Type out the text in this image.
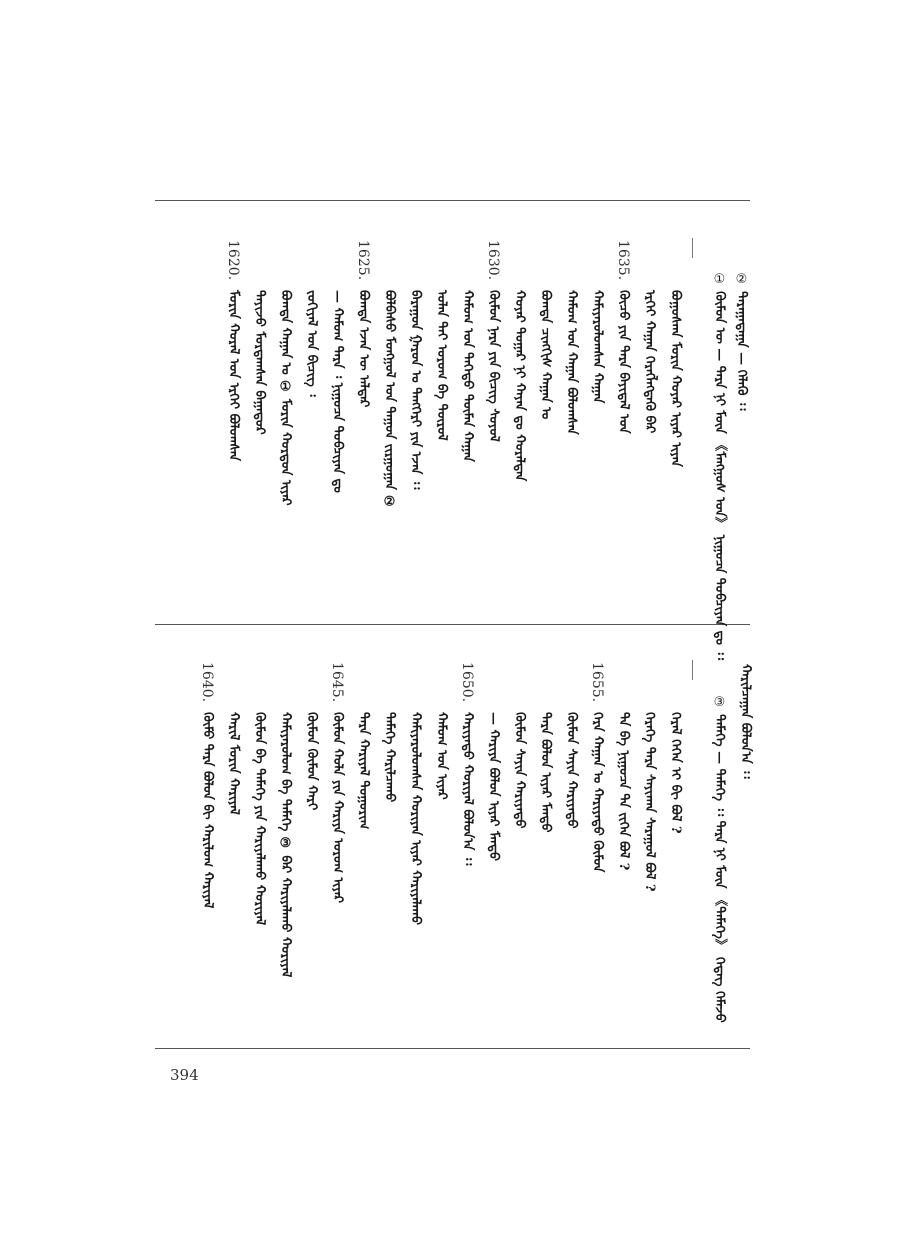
② ᠳᠠᠷᠠᠭᠠᠳᠠᠭᠠ — ᠬᠡᠯᠡᠬᠦ ᠄᠄
① ᠬᠦᠮᠦᠨ ᠦ — ᠲᠡᠷᠡ ᠨᠢ ᠮᠦᠨ 《ᠮᠠᠩᠭᠤᠰ ᠤᠨ》 ᠨᠢᠭᠤᠴᠠ ᠲᠣᠪᠴᠢᠶᠠᠨ ᠳᠤ ᠄᠄
1635.
1630.
1625.
1620.
ᠪᠣᠭᠣᠰᠬᠠ ᠮᠣᠷᠢᠨ ᠬᠣᠶᠠᠷ ᠢᠶᠠᠷ ᠢᠶᠠᠨ
ᠡᠷᠬᠡᠢ ᠬᠠᠭᠠᠨ ᠬᠡᠷᠡᠭᠯᠡᠭᠳᠡᠬᠦ ᠪᠠᠷ
ᠬᠦᠴᠦ ᠶᠢᠨ ᠲᠡᠷᠡ ᠪᠠᠶᠢᠳᠠᠯ ᠤᠨ
ᠬᠠᠮᠢᠶᠠᠷᠤᠯᠤᠭᠰᠠᠨ ᠬᠠᠭᠠᠨ
ᠬᠠᠮᠤᠭ ᠤᠨ ᠬᠠᠭᠠᠨ ᠪᠣᠯᠤᠭᠰᠠᠨ
ᠪᠣᠭᠳᠠ ᠴᠢᠩᠭᠢᠰ ᠬᠠᠭᠠᠨ ᠤ
ᠬᠣᠶᠠᠷ ᠳᠤᠭᠠᠷ ᠨᠢ ᠬᠠᠶᠠᠨ ᠳᠤ ᠬᠤᠷᠠᠯᠳᠠᠨ
ᠬᠦᠮᠦᠨ ᠨᠡᠷᠡ ᠶᠢᠨ ᠪᠢᠴᠢᠭ ᠰᠣᠶᠣᠯ
ᠬᠠᠮᠤᠭ ᠤᠨ ᠳᠡᠭᠡᠳᠦ ᠲᠦᠮᠡᠨ ᠬᠠᠭᠠᠨ
ᠣᠯᠠᠨ ᠲᠠᠶ ᠤᠷᠤᠭ ᠪᠠ ᠲᠥᠷᠥᠯ
ᠪᠠᠷᠠᠭᠤᠨ ᠭᠠᠷᠤᠨ ᠤ ᠲᠡᠩᠭᠡᠷᠢ ᠶᠢᠨ ᠡᠵᠡᠨ ᠄᠄
ᠪᠣᠯᠪᠠᠰᠤ ᠮᠣᠩᠭᠣᠯ ᠤᠨ ᠳᠠᠭᠤᠨ ᠵᠢᠷᠭᠤᠭᠠᠨ ②
ᠪᠣᠭᠳᠠ ᠡᠵᠡᠨ ᠦ ᠠᠯᠳᠠᠷ
— ᠬᠠᠮᠤᠭ ᠲᠡᠷᠡ ᠄ ᠨᠢᠭᠤᠴᠠ ᠲᠣᠪᠴᠢᠶᠠᠨ ᠳᠤ
ᠵᠣᠬᠢᠶᠠᠯ ᠤᠨ ᠪᠢᠴᠢᠭ ᠄
ᠪᠣᠭᠳᠠ ᠬᠠᠭᠠᠨ ᠤ ① ᠮᠣᠷᠢᠨ ᠬᠤᠷᠳᠤᠨ ᠢᠶᠠᠷ
ᠲᠠᠶᠢᠵᠤ ᠮᠣᠷᠳᠠᠭᠰᠠᠨ ᠪᠠᠭᠠᠲᠤᠷ
ᠮᠣᠷᠢᠨ ᠬᠤᠷᠠᠯ ᠤᠨ ᠡᠷᠬᠡᠢ ᠪᠣᠯᠤᠭᠰᠠᠨ
ᠬᠠᠷᠢᠯᠴᠠᠭᠠᠨ ᠪᠣᠯᠤᠨ᠎ᠠ ᠄᠄
③ ᠲᠡᠮᠡᠭᠡ — ᠲᠡᠮᠡᠭᠡ ᠄᠄ ᠲᠡᠷᠡ ᠨᠢ ᠮᠦᠨ 《ᠲᠡᠮᠡᠭᠡ》 ᠭᠡᠳᠡᠭ ᠬᠡᠮᠡᠵᠦ
1655.
1650.
1645.
1640.
ᠭᠡᠷᠡᠯ ᠭᠡᠭᠡᠨ ᠢ ᠪᠢ ᠪᠣᠯ ?
ᠭᠡᠷᠡᠭᠡ ᠲᠡᠷᠡ ᠰᠠᠶᠢᠬᠠᠨ ᠰᠠᠷᠠᠭᠤᠯ ᠪᠣᠯ ?
ᠲᠡ ᠪᠡ ᠨᠢᠭᠤᠴᠠ ᠲᠡ ᠵᠢᠭᠡᠨ ᠪᠣᠯ ?
ᠬᠡᠷᠡ ᠬᠠᠭᠠᠨ ᠤ ᠬᠠᠷᠢᠶᠠᠲᠤ ᠬᠦᠮᠦᠨ
ᠬᠦᠮᠦᠨ ᠰᠠᠶᠢᠨ ᠬᠠᠷᠢᠶᠠᠲᠤ
ᠲᠡᠷᠡ ᠪᠣᠯᠤᠨ ᠢᠶᠠᠷ ᠮᠠᠨᠳᠤ
ᠬᠦᠮᠦᠨ ᠰᠠᠶᠢᠨ ᠬᠠᠷᠢᠶᠠᠲᠤ
— ᠬᠠᠷᠢᠶᠠ ᠪᠣᠯᠤᠨ ᠢᠶᠠᠷ ᠮᠠᠨᠳᠤ
ᠬᠠᠷᠢᠶᠠᠲᠤ ᠬᠣᠷᠢᠶᠠᠯ ᠪᠣᠯᠤᠨ᠎ᠠ ᠄᠄
ᠬᠠᠮᠤᠭ ᠤᠨ ᠢᠶᠠᠷ
ᠬᠠᠮᠢᠶᠠᠷᠤᠯᠤᠭᠰᠠᠨ ᠬᠤᠷᠢᠶᠠᠨ ᠢᠶᠠᠷ ᠬᠠᠷᠢᠶᠠᠯᠠᠬᠤ
ᠲᠡᠮᠡᠭᠡ ᠬᠠᠷᠢᠯᠴᠠᠬᠤ
ᠲᠡᠷᠡ ᠬᠠᠷᠢᠶᠠᠯ ᠲᠣᠭᠤᠷᠢᠭ
ᠬᠦᠮᠦᠨ ᠬᠣᠯᠠ ᠶᠢᠨ ᠬᠠᠷᠢᠶᠠ ᠤᠷᠤᠭ ᠢᠶᠠᠷ
ᠬᠦᠮᠦᠨ ᠬᠦᠮᠦᠨ ᠬᠠᠷᠢ
ᠬᠠᠮᠢᠶᠠᠷᠤᠯᠤᠭ ᠪᠡ ᠲᠡᠮᠡᠭᠡ ③ ᠪᠠᠷ ᠬᠠᠷᠢᠶᠠᠯᠠᠬᠤ ᠬᠣᠷᠢᠶᠠᠯ
ᠬᠦᠮᠦᠨ ᠪᠡ ᠲᠡᠮᠡᠭᠡ ᠶᠢᠨ ᠬᠠᠷᠢᠶᠠᠯᠠᠬᠤ ᠬᠣᠷᠢᠶᠠᠯ
ᠬᠠᠷᠢᠯ ᠮᠣᠷᠢᠨ ᠬᠠᠷᠢᠶᠠᠯ
ᠬᠦᠮᠦ ᠲᠡᠷᠡ ᠪᠣᠯᠤᠨ ᠪᠢ ᠬᠠᠷᠢᠯᠤᠭ ᠬᠠᠷᠢᠶᠠᠯ
394
